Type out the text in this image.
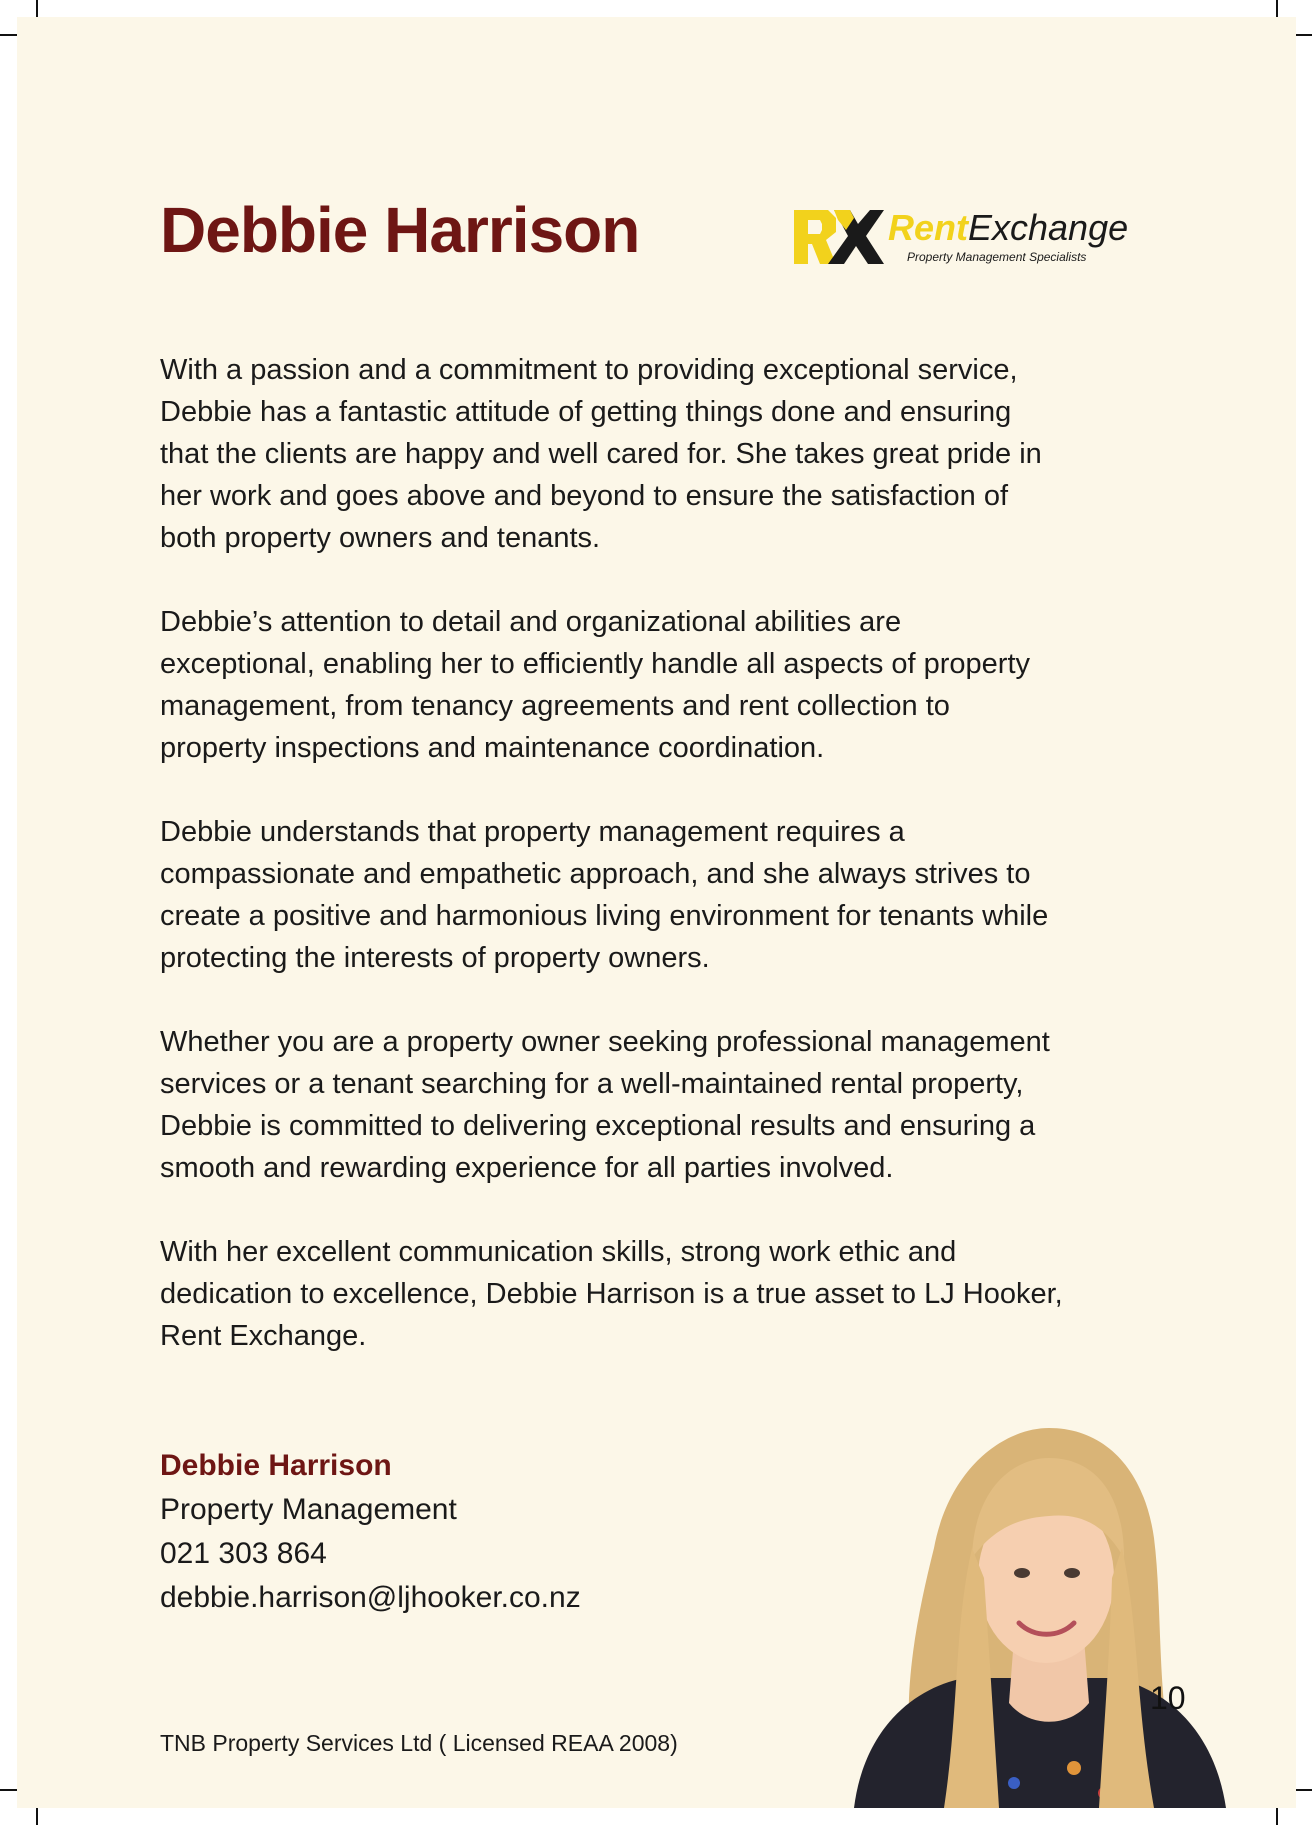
Debbie Harrison	RentExchange
Property Management Specialists

With a passion and a commitment to providing exceptional service,
Debbie has a fantastic attitude of getting things done and ensuring
that the clients are happy and well cared for. She takes great pride in
her work and goes above and beyond to ensure the satisfaction of
both property owners and tenants.

Debbie’s attention to detail and organizational abilities are
exceptional, enabling her to efficiently handle all aspects of property
management, from tenancy agreements and rent collection to
property inspections and maintenance coordination.

Debbie understands that property management requires a
compassionate and empathetic approach, and she always strives to
create a positive and harmonious living environment for tenants while
protecting the interests of property owners.

Whether you are a property owner seeking professional management
services or a tenant searching for a well-maintained rental property,
Debbie is committed to delivering exceptional results and ensuring a
smooth and rewarding experience for all parties involved.

With her excellent communication skills, strong work ethic and
dedication to excellence, Debbie Harrison is a true asset to LJ Hooker,
Rent Exchange.

Debbie Harrison
Property Management
021 303 864
debbie.harrison@ljhooker.co.nz
TNB Property Services Ltd ( Licensed REAA 2008)
10
